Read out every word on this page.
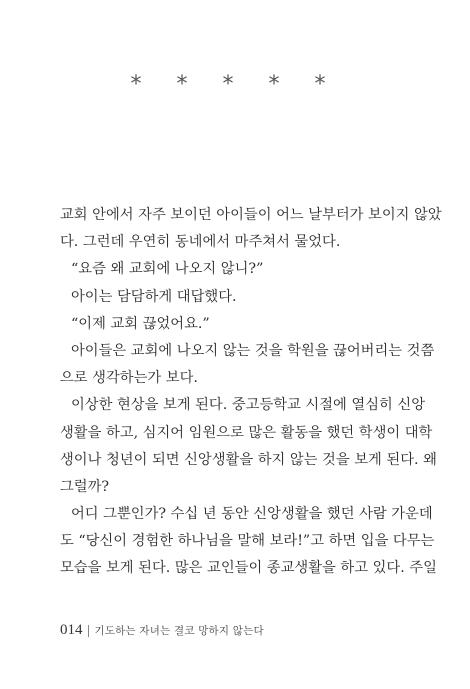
* * * * *
교회 안에서 자주 보이던 아이들이 어느 날부터가 보이지 않았
다. 그런데 우연히 동네에서 마주쳐서 물었다.
“요즘 왜 교회에 나오지 않니?”
아이는 담담하게 대답했다.
“이제 교회 끊었어요.”
아이들은 교회에 나오지 않는 것을 학원을 끊어버리는 것쯤
으로 생각하는가 보다.
이상한 현상을 보게 된다. 중고등학교 시절에 열심히 신앙
생활을 하고, 심지어 임원으로 많은 활동을 했던 학생이 대학
생이나 청년이 되면 신앙생활을 하지 않는 것을 보게 된다. 왜
그럴까?
어디 그뿐인가? 수십 년 동안 신앙생활을 했던 사람 가운데
도 “당신이 경험한 하나님을 말해 보라!”고 하면 입을 다무는
모습을 보게 된다. 많은 교인들이 종교생활을 하고 있다. 주일
014 기도하는 자녀는 결코 망하지 않는다
